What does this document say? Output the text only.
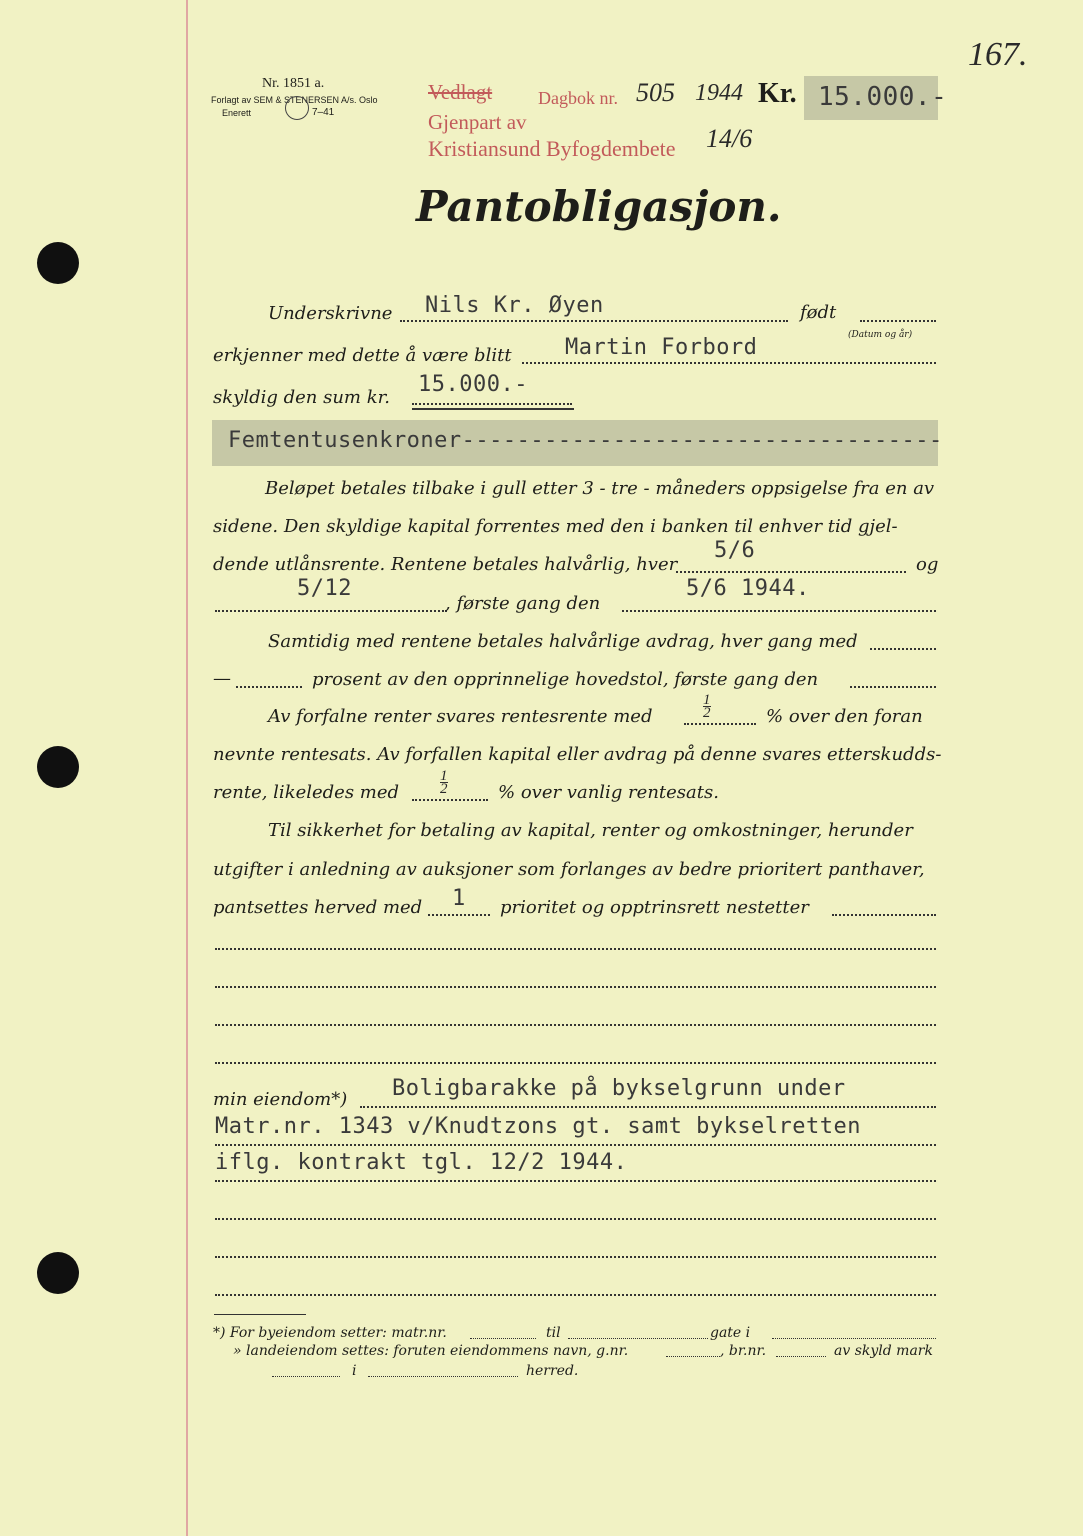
167.
Nr. 1851 a.
Forlagt av SEM & STENERSEN A/s. Oslo
Enerett	7–41
Vedlagt	Dagbok nr. 505 1944
Gjenpart av
Kristiansund Byfogdembete 14/6
Kr. 15.000.-
Pantobligasjon.
Underskrivne Nils Kr. Øyen	født
(Datum og år)
erkjenner med dette å være blitt Martin Forbord
skyldig den sum kr.
15.000.-
Femtentusenkroner-----------------------------------
Beløpet betales tilbake i gull etter 3 - tre - måneders oppsigelse fra en av
sidene. Den skyldige kapital forrentes med den i banken til enhver tid gjel-
dende utlånsrente. Rentene betales halvårlig, hver
5/6
og
5/12
, første gang den
5/6 1944.
Samtidig med rentene betales halvårlige avdrag, hver gang med
—	prosent av den opprinnelige hovedstol, første gang den
Av forfalne renter svares rentesrente med	$\frac{1}{2}$	% over den foran
nevnte rentesats. Av forfallen kapital eller avdrag på denne svares etterskudds-
rente, likeledes med	$\frac{1}{2}$	% over vanlig rentesats.
Til sikkerhet for betaling av kapital, renter og omkostninger, herunder
utgifter i anledning av auksjoner som forlanges av bedre prioritert panthaver,
pantsettes herved med 1 prioritet og opptrinsrett nestetter
min eiendom*) Boligbarakke på bykselgrunn under
Matr.nr. 1343 v/Knudtzons gt. samt bykselretten
iflg. kontrakt tgl. 12/2 1944.
*) For byeiendom setter: matr.nr.	til	gate i
» landeiendom settes: foruten eiendommens navn, g.nr.	, br.nr.	av skyld mark
i	herred.
